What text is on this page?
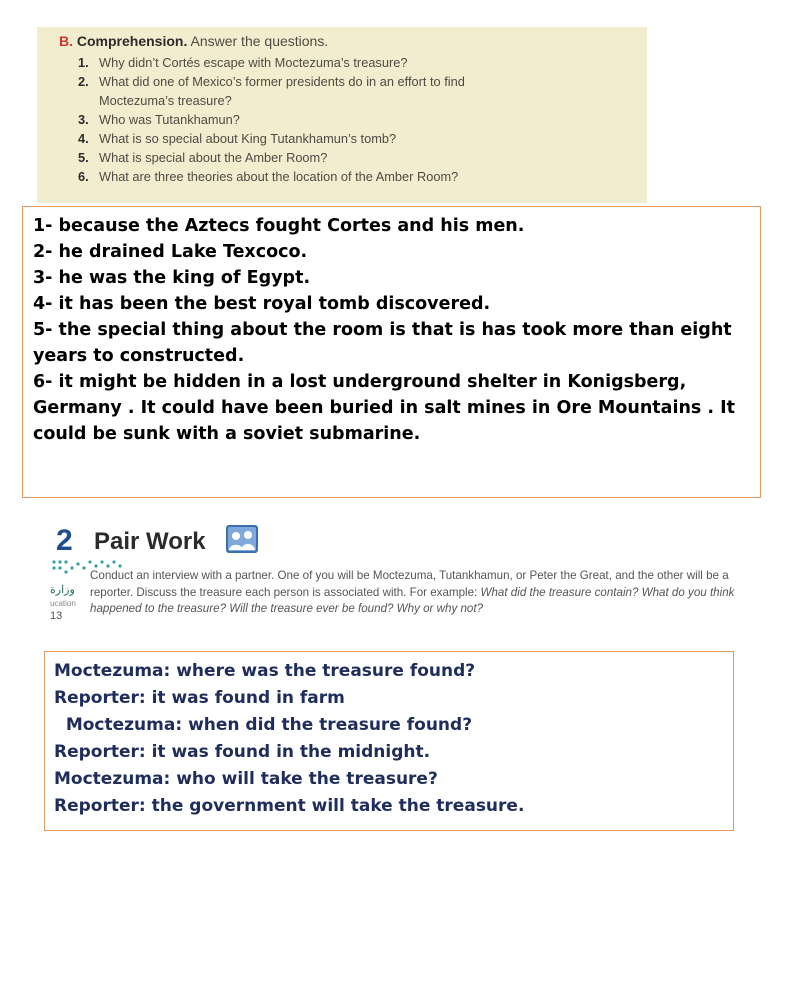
B. Comprehension. Answer the questions.
1. Why didn’t Cortés escape with Moctezuma’s treasure?
2. What did one of Mexico’s former presidents do in an effort to find Moctezuma’s treasure?
3. Who was Tutankhamun?
4. What is so special about King Tutankhamun’s tomb?
5. What is special about the Amber Room?
6. What are three theories about the location of the Amber Room?

1- because the Aztecs fought Cortes and his men.

2- he drained Lake Texcoco.

3- he was the king of Egypt.

4- it has been the best royal tomb discovered.

5- the special thing about the room is that is has took more than eight years to constructed.

6- it might be hidden in a lost underground shelter in Konigsberg, Germany . It could have been buried in salt mines in Ore Mountains . It could be sunk with a soviet submarine.

2 Pair Work
وزارة
ucation
13
Conduct an interview with a partner. One of you will be Moctezuma, Tutankhamun, or Peter the Great, and the other will be a reporter. Discuss the treasure each person is associated with. For example: What did the treasure contain? What do you think happened to the treasure? Will the treasure ever be found? Why or why not?

Moctezuma: where was the treasure found?

Reporter: it was found in farm

Moctezuma: when did the treasure found?

Reporter: it was found in the midnight.

Moctezuma: who will take the treasure?

Reporter: the government will take the treasure.
